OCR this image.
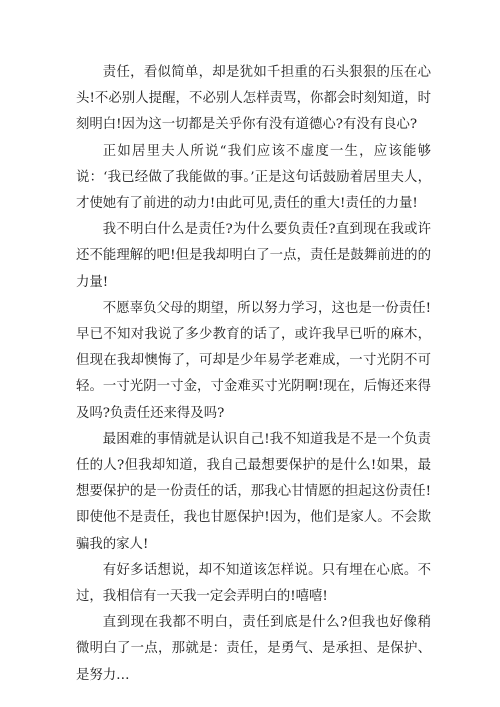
责任，看似简单，却是犹如千担重的石头狠狠的压在心头!不必别人提醒，不必别人怎样责骂，你都会时刻知道，时刻明白!因为这一切都是关乎你有没有道德心?有没有良心?

正如居里夫人所说“我们应该不虚度一生，应该能够说：‘我已经做了我能做的事。’正是这句话鼓励着居里夫人，才使她有了前进的动力!由此可见,责任的重大!责任的力量!

我不明白什么是责任?为什么要负责任?直到现在我或许还不能理解的吧!但是我却明白了一点，责任是鼓舞前进的的力量!

不愿辜负父母的期望，所以努力学习，这也是一份责任!早已不知对我说了多少教育的话了，或许我早已听的麻木，但现在我却懊悔了，可却是少年易学老难成，一寸光阴不可轻。一寸光阴一寸金，寸金难买寸光阴啊!现在，后悔还来得及吗?负责任还来得及吗?

最困难的事情就是认识自己!我不知道我是不是一个负责任的人?但我却知道，我自己最想要保护的是什么!如果，最想要保护的是一份责任的话，那我心甘情愿的担起这份责任!即使他不是责任，我也甘愿保护!因为，他们是家人。不会欺骗我的家人!

有好多话想说，却不知道该怎样说。只有埋在心底。不过，我相信有一天我一定会弄明白的!嘻嘻!

直到现在我都不明白，责任到底是什么?但我也好像稍微明白了一点，那就是：责任，是勇气、是承担、是保护、是努力…
